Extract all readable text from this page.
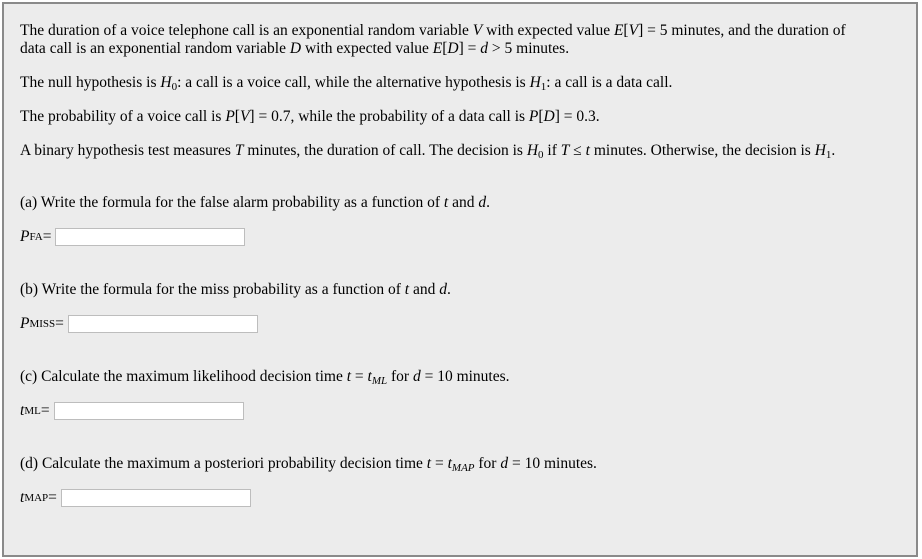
The duration of a voice telephone call is an exponential random variable V with expected value E[V] = 5 minutes, and the duration of
data call is an exponential random variable D with expected value E[D] = d > 5 minutes.
The null hypothesis is $H_0$: a call is a voice call, while the alternative hypothesis is $H_1$: a call is a data call.
The probability of a voice call is P[V] = 0.7, while the probability of a data call is P[D] = 0.3.
A binary hypothesis test measures T minutes, the duration of call. The decision is $H_0$ if T ≤ t minutes. Otherwise, the decision is $H_1$.
(a) Write the formula for the false alarm probability as a function of t and d.
P FA =
(b) Write the formula for the miss probability as a function of t and d.
P MISS =
(c) Calculate the maximum likelihood decision time $t = t_{ML}$ for d = 10 minutes.
t ML =
(d) Calculate the maximum a posteriori probability decision time $t = t_{MAP}$ for d = 10 minutes.
t MAP =
